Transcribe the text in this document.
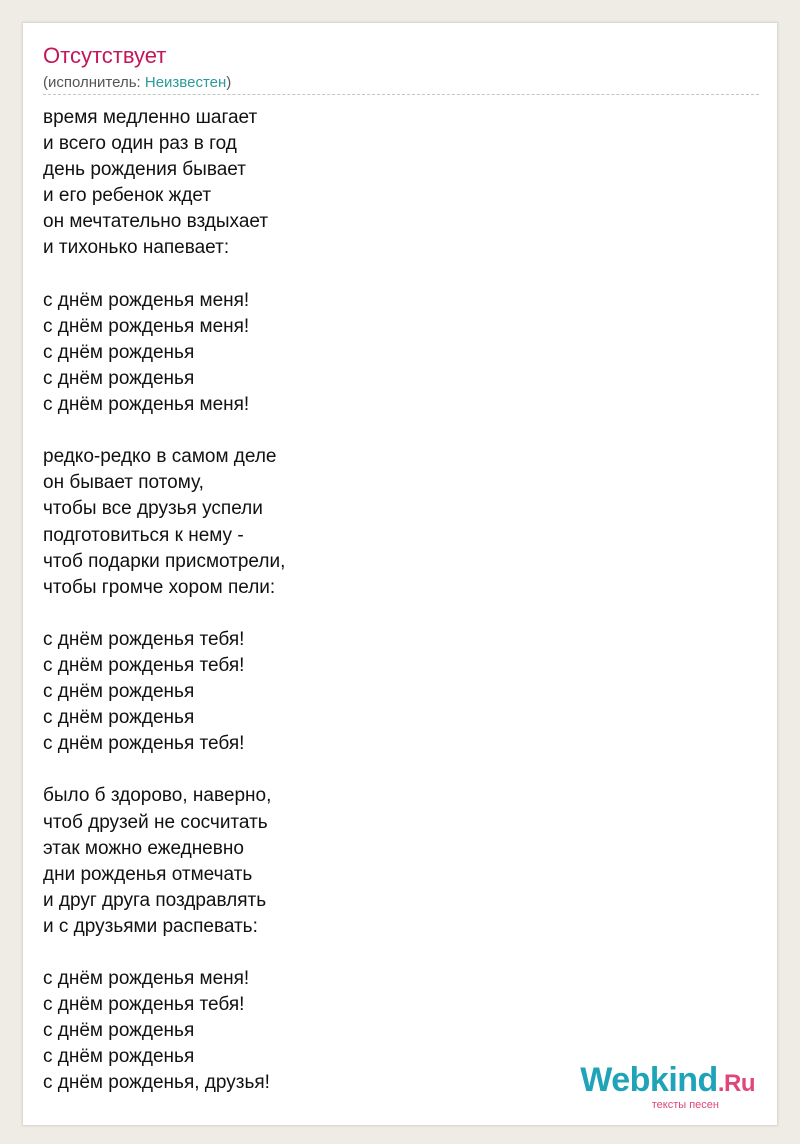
Отсутствует
(исполнитель: Неизвестен)
время медленно шагает
и всего один раз в год
день рождения бывает
и его ребенок ждет
он мечтательно вздыхает
и тихонько напевает:
с днём рожденья меня!
с днём рожденья меня!
с днём рожденья
с днём рожденья
с днём рожденья меня!
редко-редко в самом деле
он бывает потому,
чтобы все друзья успели
подготовиться к нему -
чтоб подарки присмотрели,
чтобы громче хором пели:
с днём рожденья тебя!
с днём рожденья тебя!
с днём рожденья
с днём рожденья
с днём рожденья тебя!
было б здорово, наверно,
чтоб друзей не сосчитать
этак можно ежедневно
дни рожденья отмечать
и друг друга поздравлять
и с друзьями распевать:
с днём рожденья меня!
с днём рожденья тебя!
с днём рожденья
с днём рожденья
с днём рожденья, друзья!	Webkind.Ru
тексты песен
